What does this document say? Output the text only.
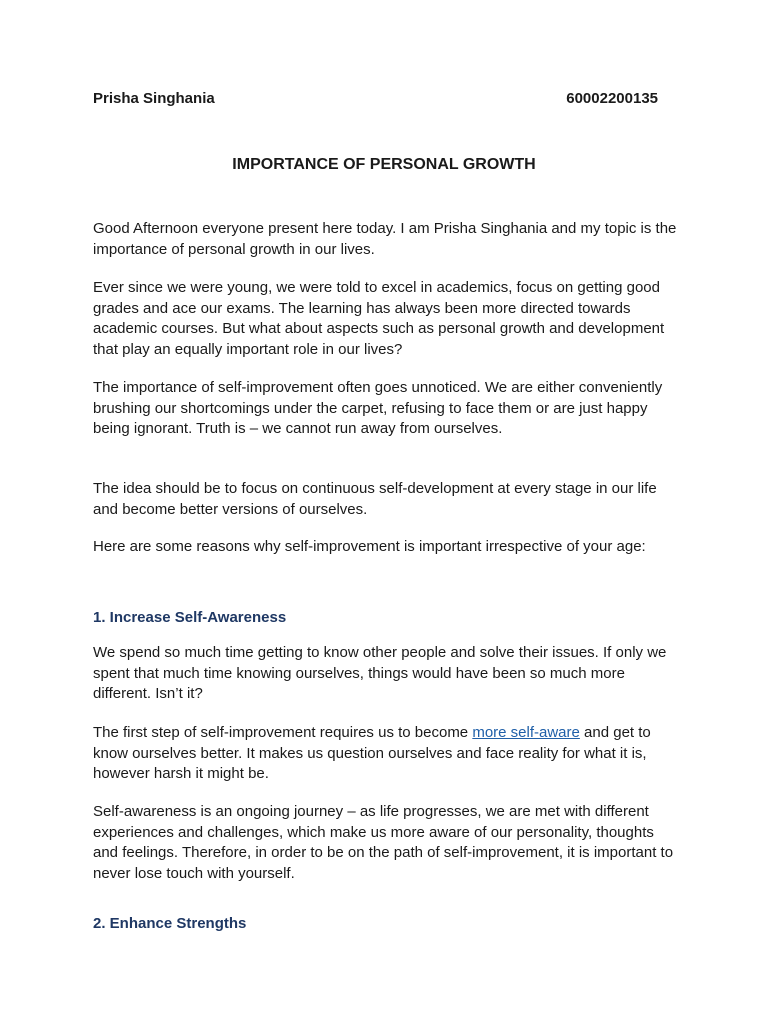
Prisha Singhania	60002200135
IMPORTANCE OF PERSONAL GROWTH

Good Afternoon everyone present here today. I am Prisha Singhania and my topic is the importance of personal growth in our lives.

Ever since we were young, we were told to excel in academics, focus on getting good grades and ace our exams. The learning has always been more directed towards academic courses. But what about aspects such as personal growth and development that play an equally important role in our lives?

The importance of self-improvement often goes unnoticed. We are either conveniently brushing our shortcomings under the carpet, refusing to face them or are just happy being ignorant. Truth is – we cannot run away from ourselves.

The idea should be to focus on continuous self-development at every stage in our life and become better versions of ourselves.

Here are some reasons why self-improvement is important irrespective of your age:

1. Increase Self-Awareness

We spend so much time getting to know other people and solve their issues. If only we spent that much time knowing ourselves, things would have been so much more different. Isn’t it?

The first step of self-improvement requires us to become more self-aware and get to know ourselves better. It makes us question ourselves and face reality for what it is, however harsh it might be.

Self-awareness is an ongoing journey – as life progresses, we are met with different experiences and challenges, which make us more aware of our personality, thoughts and feelings. Therefore, in order to be on the path of self-improvement, it is important to never lose touch with yourself.

2. Enhance Strengths
